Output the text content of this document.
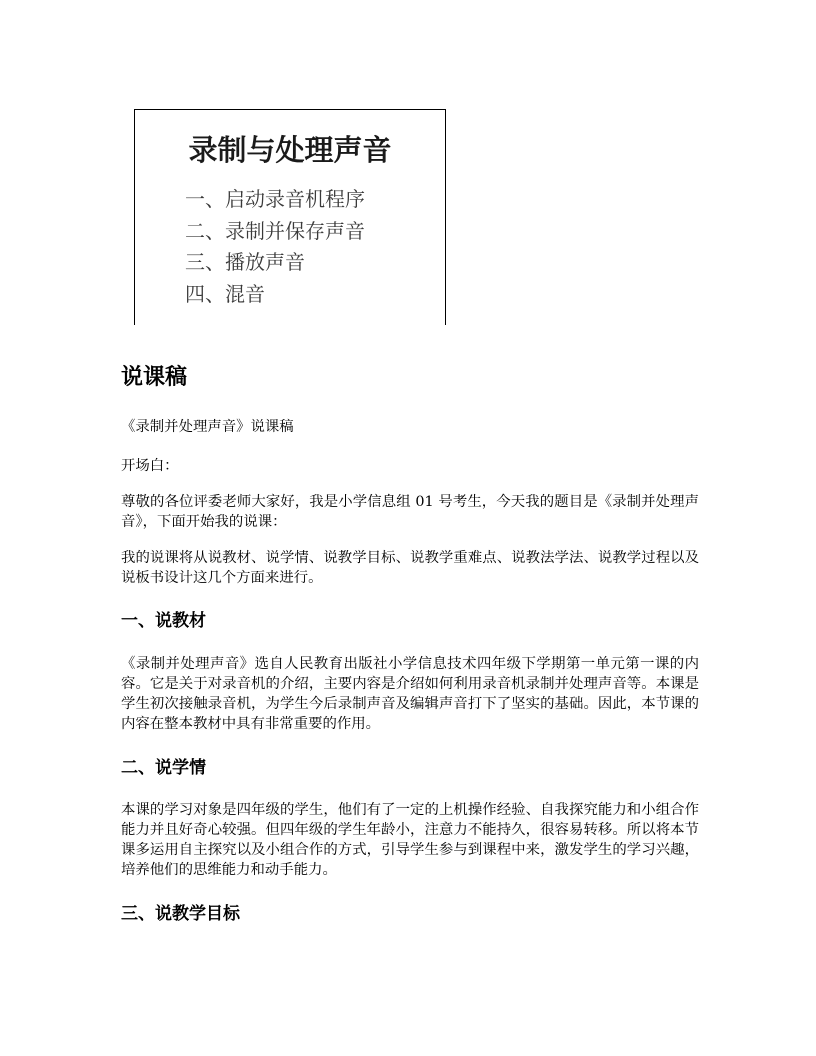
录制与处理声音
一、启动录音机程序
二、录制并保存声音
三、播放声音
四、混音
说课稿

《录制并处理声音》说课稿

开场白：

尊敬的各位评委老师大家好，我是小学信息组 01 号考生，今天我的题目是《录制并处理声音》，下面开始我的说课：

我的说课将从说教材、说学情、说教学目标、说教学重难点、说教法学法、说教学过程以及说板书设计这几个方面来进行。

一、说教材

《录制并处理声音》选自人民教育出版社小学信息技术四年级下学期第一单元第一课的内容。它是关于对录音机的介绍，主要内容是介绍如何利用录音机录制并处理声音等。本课是学生初次接触录音机，为学生今后录制声音及编辑声音打下了坚实的基础。因此，本节课的内容在整本教材中具有非常重要的作用。

二、说学情

本课的学习对象是四年级的学生，他们有了一定的上机操作经验、自我探究能力和小组合作能力并且好奇心较强。但四年级的学生年龄小，注意力不能持久，很容易转移。所以将本节课多运用自主探究以及小组合作的方式，引导学生参与到课程中来，激发学生的学习兴趣，培养他们的思维能力和动手能力。

三、说教学目标
